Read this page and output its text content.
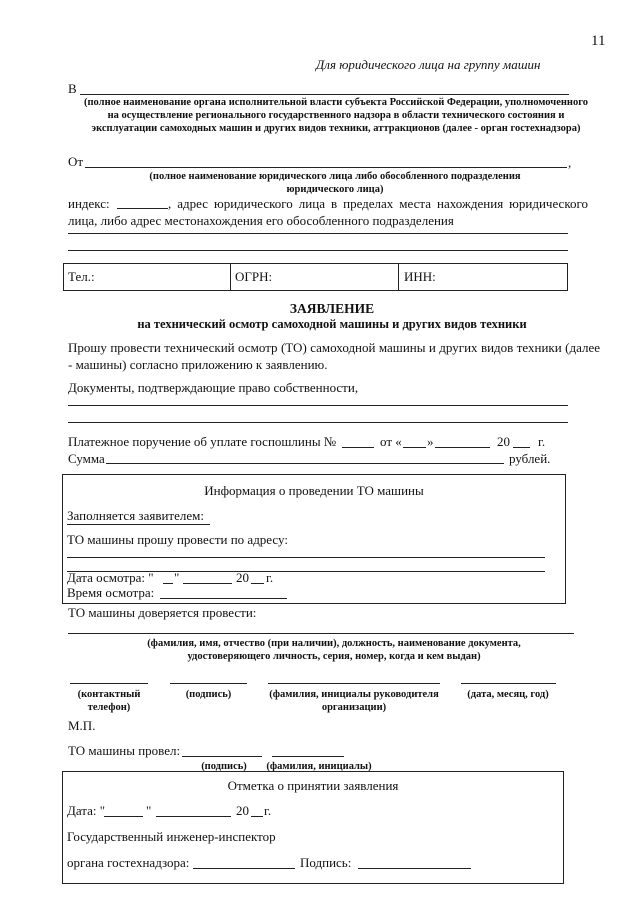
11
Для юридического лица на группу машин
В
(полное наименование органа исполнительной власти субъекта Российской Федерации, уполномоченного на осуществление регионального государственного надзора в области технического состояния и эксплуатации самоходных машин и других видов техники, аттракционов (далее - орган гостехнадзора)
От	,
(полное наименование юридического лица либо обособленного подразделения юридического лица)
индекс:	, адрес юридического лица в пределах места нахождения юридического лица, либо адрес местонахождения его обособленного подразделения
Тел.:	ОГРН:	ИНН:
ЗАЯВЛЕНИЕ
на технический осмотр самоходной машины и других видов техники
Прошу провести технический осмотр (ТО) самоходной машины и других видов техники (далее - машины) согласно приложению к заявлению.
Документы, подтверждающие право собственности,
Платежное поручение об уплате госпошлины №	от « »	20 г.
Сумма	рублей.
Информация о проведении ТО машины
Заполняется заявителем:
ТО машины прошу провести по адресу:
Дата осмотра: " "	20 г.
Время осмотра:
ТО машины доверяется провести:
(фамилия, имя, отчество (при наличии), должность, наименование документа, удостоверяющего личность, серия, номер, когда и кем выдан)
(контактный телефон)
(подпись)	(фамилия, инициалы руководителя организации)
(дата, месяц, год)
М.П.
ТО машины провел:
(подпись)	(фамилия, инициалы)
Отметка о принятии заявления
Дата: "	"	20 г.
Государственный инженер-инспектор
органа гостехнадзора:	Подпись:
